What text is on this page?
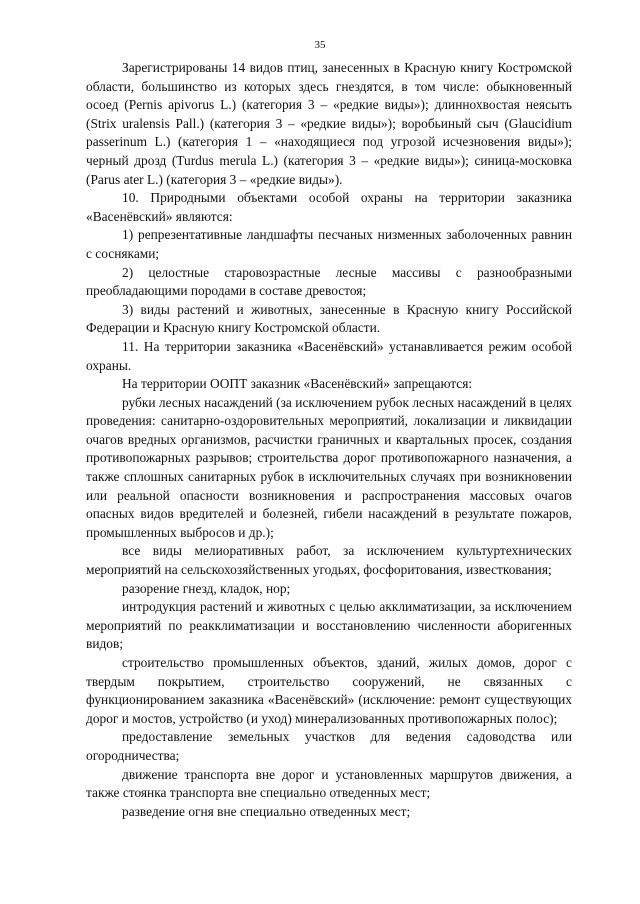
35

Зарегистрированы 14 видов птиц, занесенных в Красную книгу Костромской области, большинство из которых здесь гнездятся, в том числе: обыкновенный осоед (Pernis apivorus L.) (категория 3 – «редкие виды»); длиннохвостая неясыть (Strix uralensis Pall.) (категория 3 – «редкие виды»); воробьиный сыч (Glaucidium passerinum L.) (категория 1 – «находящиеся под угрозой исчезновения виды»); черный дрозд (Turdus merula L.) (категория 3 – «редкие виды»); синица-московка (Parus ater L.) (категория 3 – «редкие виды»).

10. Природными объектами особой охраны на территории заказника «Васенёвский» являются:

1) репрезентативные ландшафты песчаных низменных заболоченных равнин с сосняками;

2) целостные старовозрастные лесные массивы с разнообразными преобладающими породами в составе древостоя;

3) виды растений и животных, занесенные в Красную книгу Российской Федерации и Красную книгу Костромской области.

11. На территории заказника «Васенёвский» устанавливается режим особой охраны.

На территории ООПТ заказник «Васенёвский» запрещаются:

рубки лесных насаждений (за исключением рубок лесных насаждений в целях проведения: санитарно-оздоровительных мероприятий, локализации и ликвидации очагов вредных организмов, расчистки граничных и квартальных просек, создания противопожарных разрывов; строительства дорог противопожарного назначения, а также сплошных санитарных рубок в исключительных случаях при возникновении или реальной опасности возникновения и распространения массовых очагов опасных видов вредителей и болезней, гибели насаждений в результате пожаров, промышленных выбросов и др.);

все виды мелиоративных работ, за исключением культуртехнических мероприятий на сельскохозяйственных угодьях, фосфоритования, известкования;

разорение гнезд, кладок, нор;

интродукция растений и животных с целью акклиматизации, за исключением мероприятий по реакклиматизации и восстановлению численности аборигенных видов;

строительство промышленных объектов, зданий, жилых домов, дорог с твердым покрытием, строительство сооружений, не связанных с функционированием заказника «Васенёвский» (исключение: ремонт существующих дорог и мостов, устройство (и уход) минерализованных противопожарных полос);

предоставление земельных участков для ведения садоводства или огородничества;

движение транспорта вне дорог и установленных маршрутов движения, а также стоянка транспорта вне специально отведенных мест;

разведение огня вне специально отведенных мест;
